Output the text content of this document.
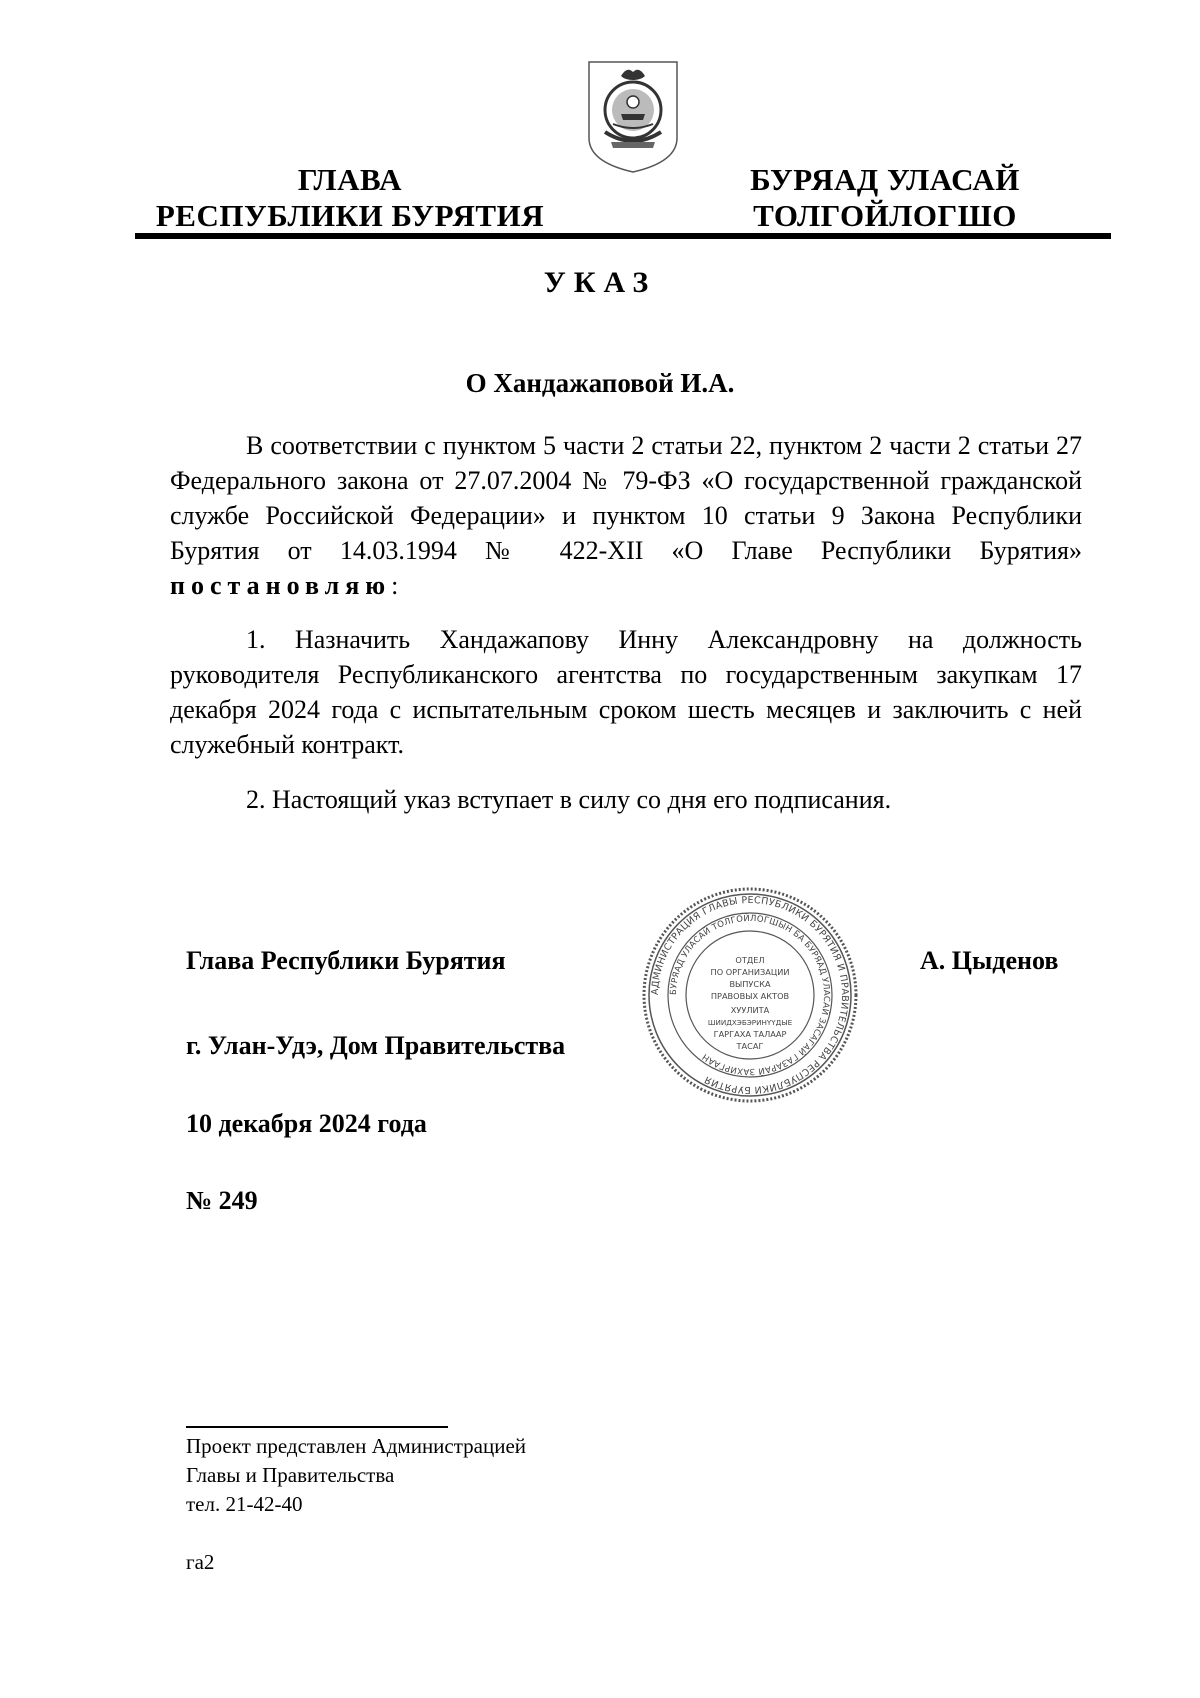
ГЛАВА
РЕСПУБЛИКИ БУРЯТИЯ
БУРЯАД УЛАСАЙ
ТОЛГОЙЛОГШО
УКАЗ
О Хандажаповой И.А.

В соответствии с пунктом 5 части 2 статьи 22, пунктом 2 части 2 статьи 27 Федерального закона от 27.07.2004 № 79-ФЗ «О государственной гражданской службе Российской Федерации» и пунктом 10 статьи 9 Закона Республики Бурятия от 14.03.1994 № 422-XII «О Главе Республики Бурятия» постановляю:

1. Назначить Хандажапову Инну Александровну на должность руководителя Республиканского агентства по государственным закупкам 17 декабря 2024 года с испытательным сроком шесть месяцев и заключить с ней служебный контракт.

2. Настоящий указ вступает в силу со дня его подписания.

Глава Республики Бурятия	А. Цыденов
г. Улан-Удэ, Дом Правительства
10 декабря 2024 года
№ 249
АДМИНИСТРАЦИЯ ГЛАВЫ РЕСПУБЛИКИ БУРЯТИЯ И ПРАВИТЕЛЬСТВА РЕСПУБЛИКИ БУРЯТИЯ
БУРЯАД УЛАСАЙ ТОЛГОЙЛОГШЫН БА БУРЯАД УЛАСАЙ ЗАСАГАЙ ГАЗАРАЙ ЗАХИРГААН
ОТДЕЛ
ПО ОРГАНИЗАЦИИ
ВЫПУСКА
ПРАВОВЫХ АКТОВ
ХУУЛИТА
ШИИДХЭБЭРИНҮҮДЫЕ
ГАРГАХА ТАЛААР
ТАСАГ
Проект представлен Администрацией
Главы и Правительства
тел. 21-42-40
га2
